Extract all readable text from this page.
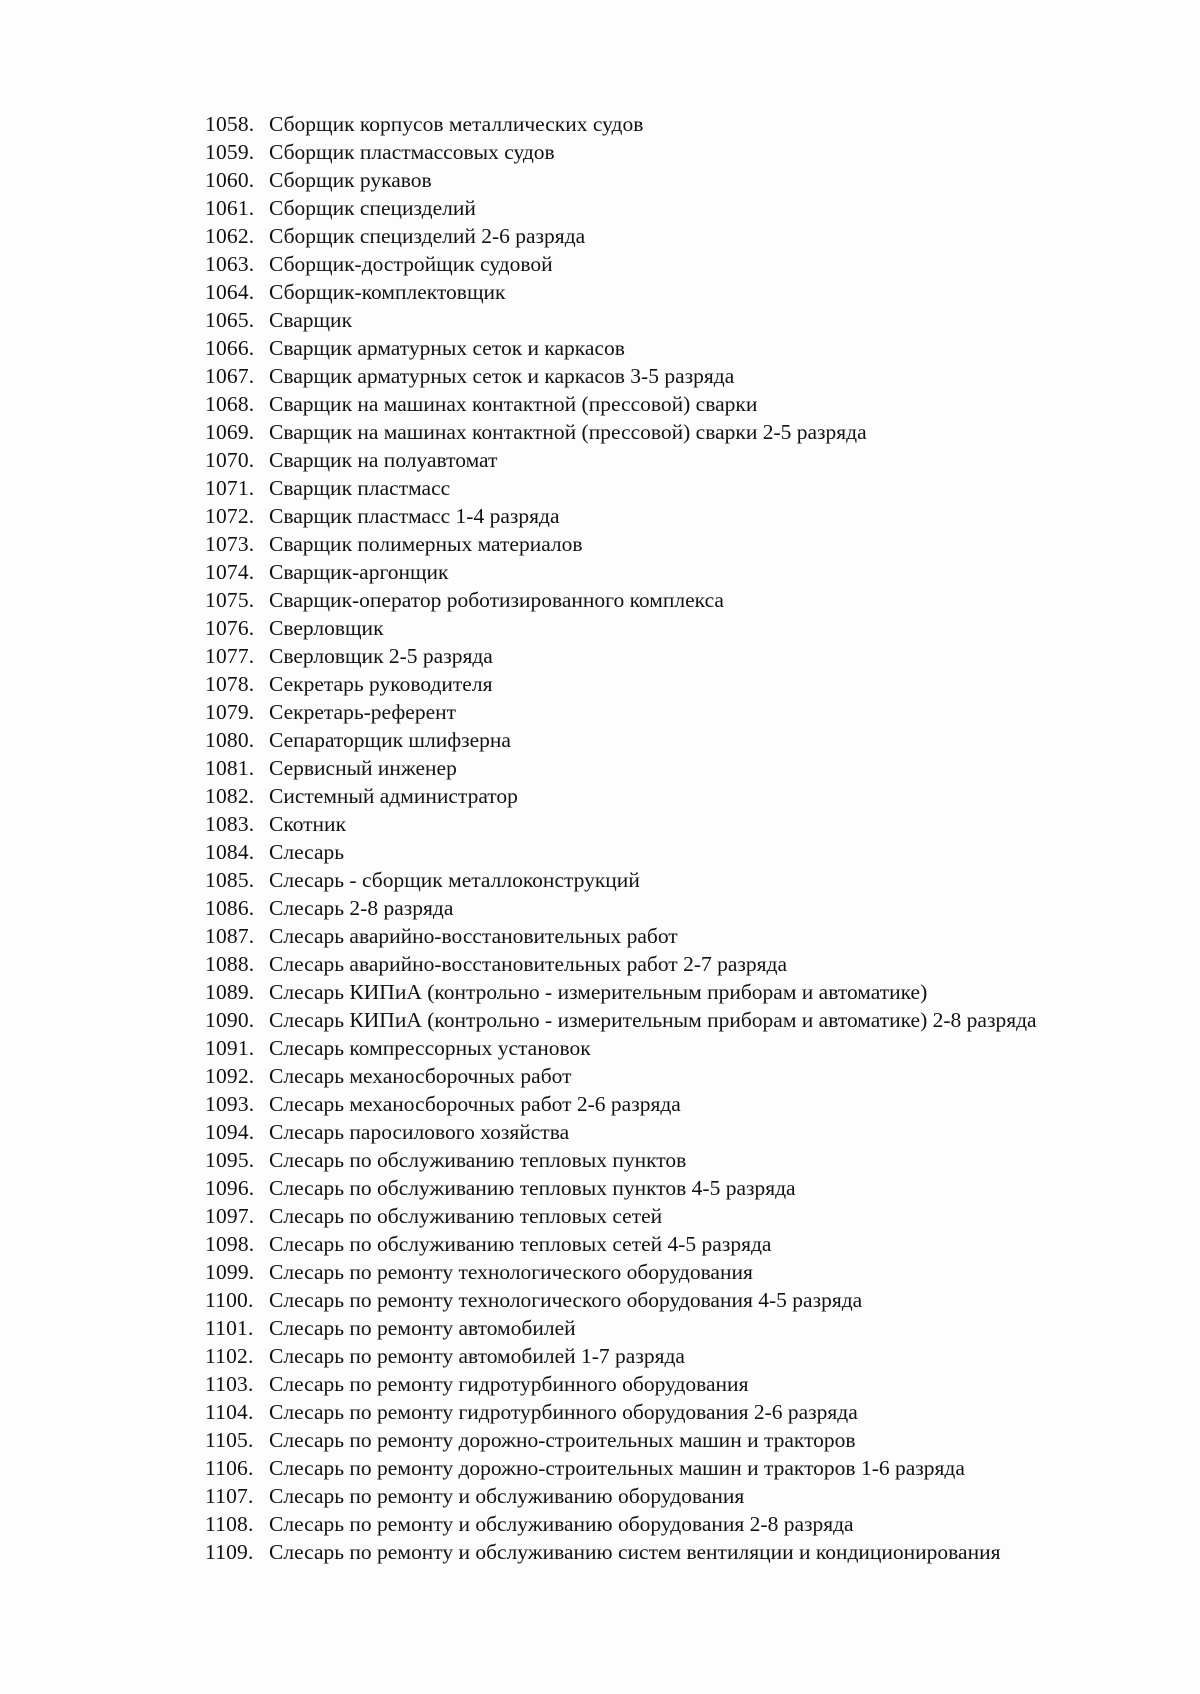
1058. Сборщик корпусов металлических судов
1059. Сборщик пластмассовых судов
1060. Сборщик рукавов
1061. Сборщик специзделий
1062. Сборщик специзделий 2-6 разряда
1063. Сборщик-достройщик судовой
1064. Сборщик-комплектовщик
1065. Сварщик
1066. Сварщик арматурных сеток и каркасов
1067. Сварщик арматурных сеток и каркасов 3-5 разряда
1068. Сварщик на машинах контактной (прессовой) сварки
1069. Сварщик на машинах контактной (прессовой) сварки 2-5 разряда
1070. Сварщик на полуавтомат
1071. Сварщик пластмасс
1072. Сварщик пластмасс 1-4 разряда
1073. Сварщик полимерных материалов
1074. Сварщик-аргонщик
1075. Сварщик-оператор роботизированного комплекса
1076. Сверловщик
1077. Сверловщик 2-5 разряда
1078. Секретарь руководителя
1079. Секретарь-референт
1080. Сепараторщик шлифзерна
1081. Сервисный инженер
1082. Системный администратор
1083. Скотник
1084. Слесарь
1085. Слесарь - сборщик металлоконструкций
1086. Слесарь 2-8 разряда
1087. Слесарь аварийно-восстановительных работ
1088. Слесарь аварийно-восстановительных работ 2-7 разряда
1089. Слесарь КИПиА (контрольно - измерительным приборам и автоматике)
1090. Слесарь КИПиА (контрольно - измерительным приборам и автоматике) 2-8 разряда
1091. Слесарь компрессорных установок
1092. Слесарь механосборочных работ
1093. Слесарь механосборочных работ 2-6 разряда
1094. Слесарь паросилового хозяйства
1095. Слесарь по обслуживанию тепловых пунктов
1096. Слесарь по обслуживанию тепловых пунктов 4-5 разряда
1097. Слесарь по обслуживанию тепловых сетей
1098. Слесарь по обслуживанию тепловых сетей 4-5 разряда
1099. Слесарь по ремонту технологического оборудования
1100. Слесарь по ремонту технологического оборудования 4-5 разряда
1101. Слесарь по ремонту автомобилей
1102. Слесарь по ремонту автомобилей 1-7 разряда
1103. Слесарь по ремонту гидротурбинного оборудования
1104. Слесарь по ремонту гидротурбинного оборудования 2-6 разряда
1105. Слесарь по ремонту дорожно-строительных машин и тракторов
1106. Слесарь по ремонту дорожно-строительных машин и тракторов 1-6 разряда
1107. Слесарь по ремонту и обслуживанию оборудования
1108. Слесарь по ремонту и обслуживанию оборудования 2-8 разряда
1109. Слесарь по ремонту и обслуживанию систем вентиляции и кондиционирования
